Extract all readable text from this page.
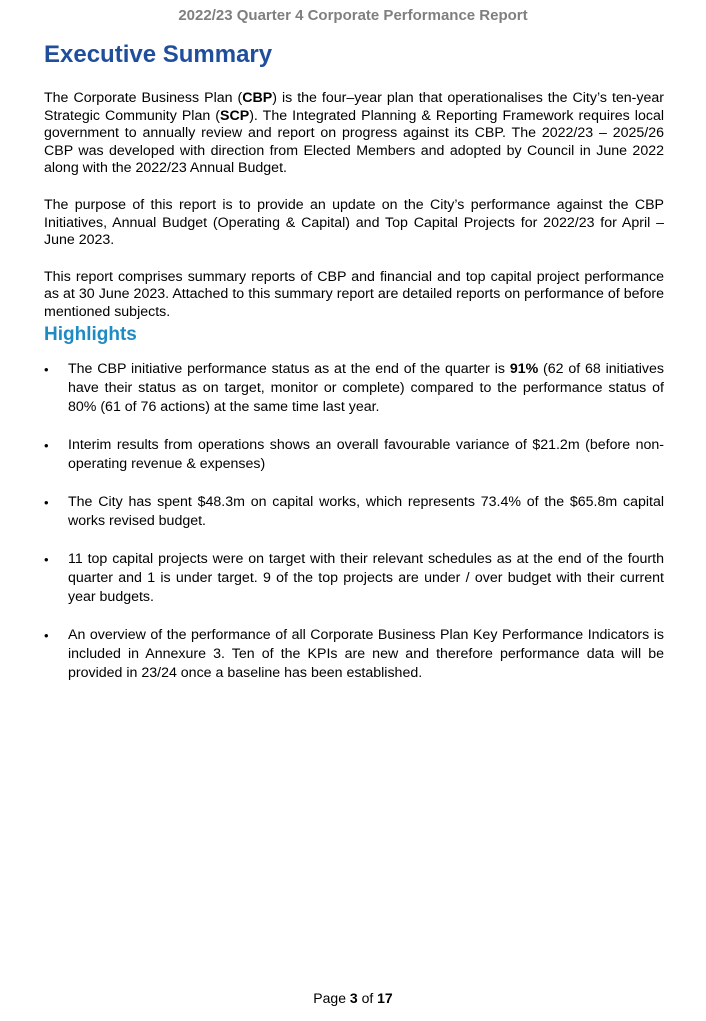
2022/23 Quarter 4 Corporate Performance Report
Executive Summary

The Corporate Business Plan (CBP) is the four–year plan that operationalises the City’s ten-year Strategic Community Plan (SCP). The Integrated Planning & Reporting Framework requires local government to annually review and report on progress against its CBP. The 2022/23 – 2025/26 CBP was developed with direction from Elected Members and adopted by Council in June 2022 along with the 2022/23 Annual Budget.

The purpose of this report is to provide an update on the City’s performance against the CBP Initiatives, Annual Budget (Operating & Capital) and Top Capital Projects for 2022/23 for April – June 2023.

This report comprises summary reports of CBP and financial and top capital project performance as at 30 June 2023. Attached to this summary report are detailed reports on performance of before mentioned subjects.

Highlights
• The CBP initiative performance status as at the end of the quarter is 91% (62 of 68 initiatives have their status as on target, monitor or complete) compared to the performance status of 80% (61 of 76 actions) at the same time last year.
• Interim results from operations shows an overall favourable variance of $21.2m (before non-operating revenue & expenses)
• The City has spent $48.3m on capital works, which represents 73.4% of the $65.8m capital works revised budget.
• 11 top capital projects were on target with their relevant schedules as at the end of the fourth quarter and 1 is under target. 9 of the top projects are under / over budget with their current year budgets.
• An overview of the performance of all Corporate Business Plan Key Performance Indicators is included in Annexure 3. Ten of the KPIs are new and therefore performance data will be provided in 23/24 once a baseline has been established.
Page 3 of 17
